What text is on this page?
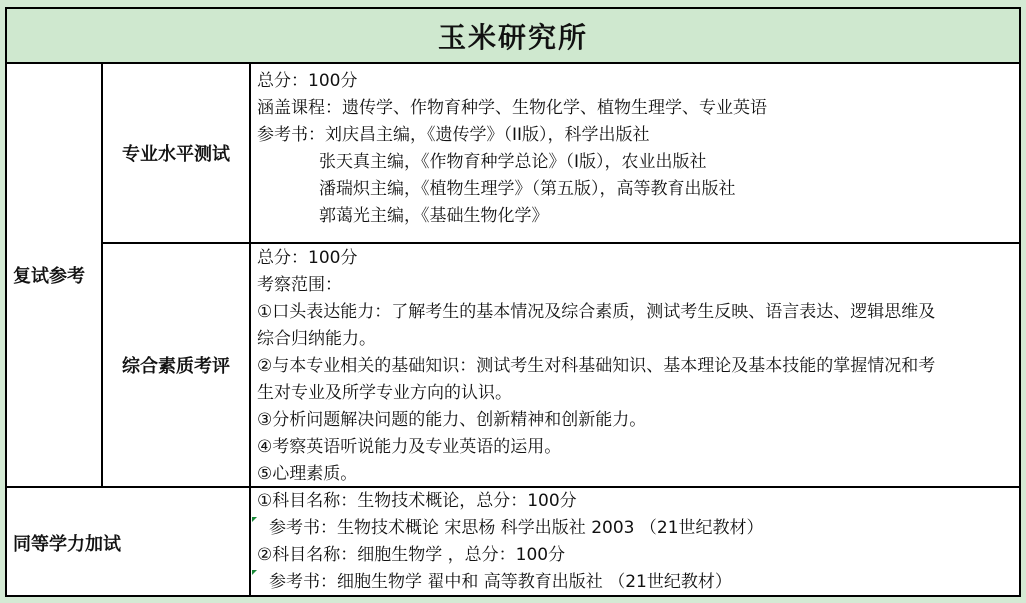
玉米研究所
复试参考
专业水平测试
综合素质考评
总分：100分
涵盖课程：遗传学、作物育种学、生物化学、植物生理学、专业英语
参考书：刘庆昌主编，《遗传学》（II版），科学出版社
张天真主编，《作物育种学总论》（I版），农业出版社
潘瑞炽主编，《植物生理学》（第五版），高等教育出版社
郭蔼光主编，《基础生物化学》
总分：100分
考察范围：
①口头表达能力：了解考生的基本情况及综合素质，测试考生反映、语言表达、逻辑思维及
综合归纳能力。
②与本专业相关的基础知识：测试考生对科基础知识、基本理论及基本技能的掌握情况和考
生对专业及所学专业方向的认识。
③分析问题解决问题的能力、创新精神和创新能力。
④考察英语听说能力及专业英语的运用。
⑤心理素质。
同等学力加试
①科目名称：生物技术概论，总分：100分
参考书：生物技术概论 宋思杨 科学出版社 2003 （21世纪教材）
②科目名称：细胞生物学 ，总分：100分
参考书：细胞生物学 翟中和 高等教育出版社 （21世纪教材）
